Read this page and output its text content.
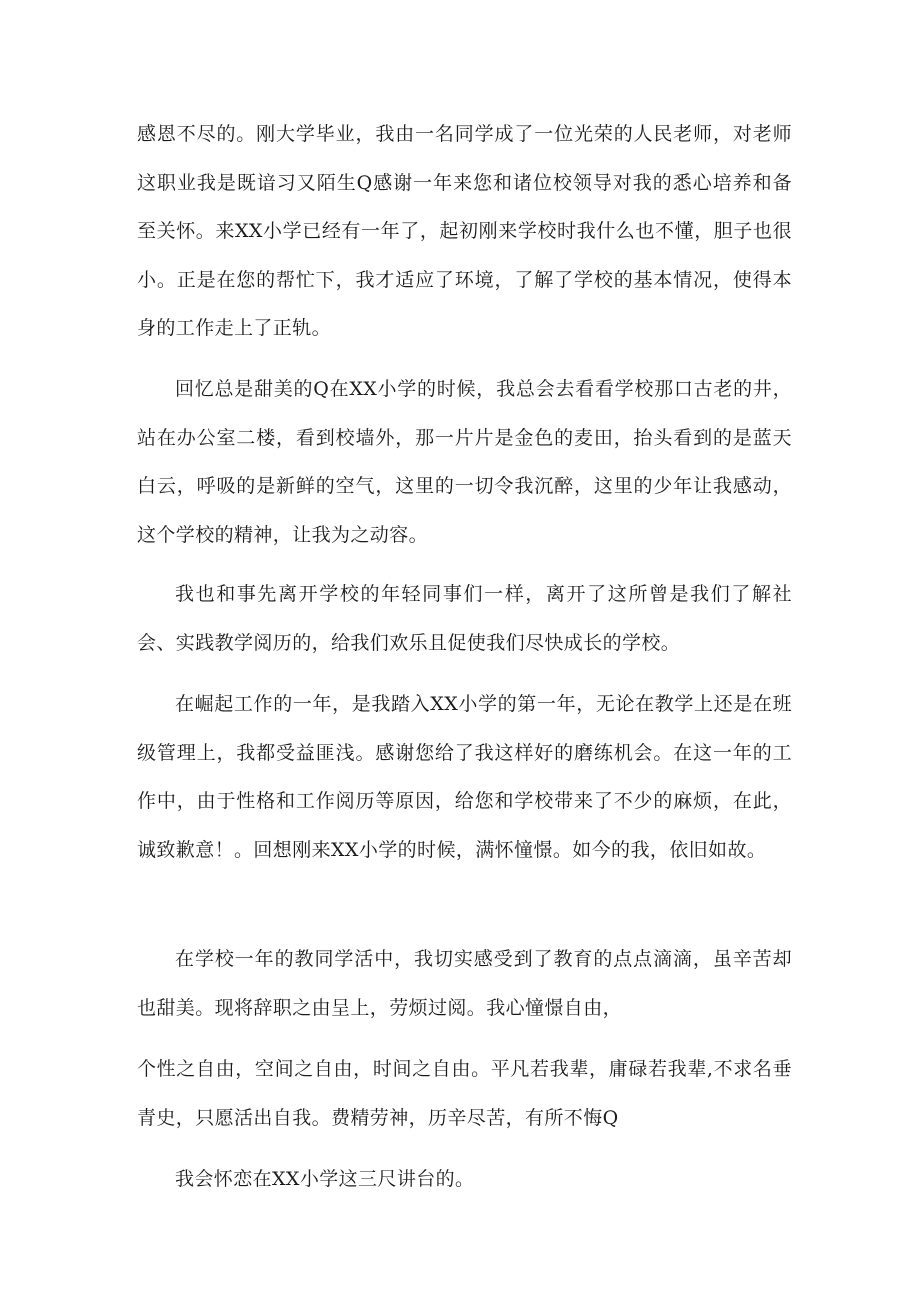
感恩不尽的。刚大学毕业，我由一名同学成了一位光荣的人民老师，对老师这职业我是既谙习又陌生Q感谢一年来您和诸位校领导对我的悉心培养和备至关怀。来XX小学已经有一年了，起初刚来学校时我什么也不懂，胆子也很小。正是在您的帮忙下，我才适应了环境，了解了学校的基本情况，使得本身的工作走上了正轨。

回忆总是甜美的Q在XX小学的时候，我总会去看看学校那口古老的井，站在办公室二楼，看到校墙外，那一片片是金色的麦田，抬头看到的是蓝天白云，呼吸的是新鲜的空气，这里的一切令我沉醉，这里的少年让我感动，这个学校的精神，让我为之动容。

我也和事先离开学校的年轻同事们一样，离开了这所曾是我们了解社会、实践教学阅历的，给我们欢乐且促使我们尽快成长的学校。

在崛起工作的一年，是我踏入XX小学的第一年，无论在教学上还是在班级管理上，我都受益匪浅。感谢您给了我这样好的磨练机会。在这一年的工作中，由于性格和工作阅历等原因，给您和学校带来了不少的麻烦，在此，诚致歉意！。回想刚来XX小学的时候，满怀憧憬。如今的我，依旧如故。

在学校一年的教同学活中，我切实感受到了教育的点点滴滴，虽辛苦却也甜美。现将辞职之由呈上，劳烦过阅。我心憧憬自由，

个性之自由，空间之自由，时间之自由。平凡若我辈，庸碌若我辈,不求名垂青史，只愿活出自我。费精劳神，历辛尽苦，有所不悔Q

我会怀恋在XX小学这三尺讲台的。
